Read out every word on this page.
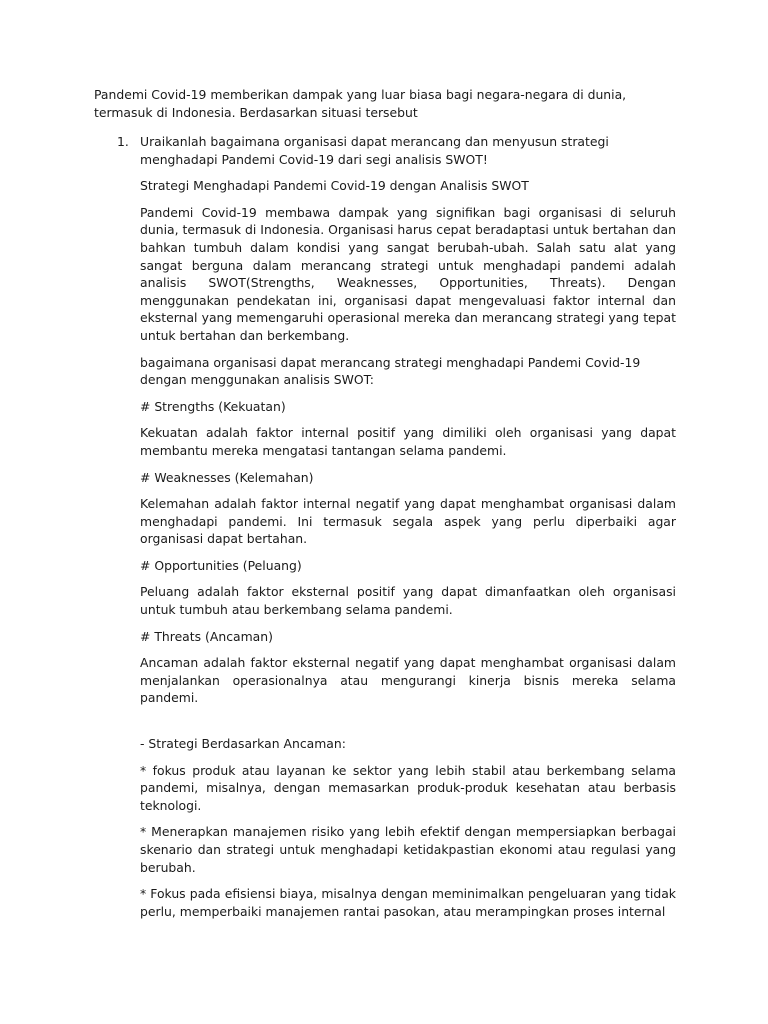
Pandemi Covid-19 memberikan dampak yang luar biasa bagi negara-negara di dunia, termasuk di Indonesia. Berdasarkan situasi tersebut

1. Uraikanlah bagaimana organisasi dapat merancang dan menyusun strategi menghadapi Pandemi Covid-19 dari segi analisis SWOT!

Strategi Menghadapi Pandemi Covid-19 dengan Analisis SWOT

Pandemi Covid-19 membawa dampak yang signifikan bagi organisasi di seluruh dunia, termasuk di Indonesia. Organisasi harus cepat beradaptasi untuk bertahan dan bahkan tumbuh dalam kondisi yang sangat berubah-ubah. Salah satu alat yang sangat berguna dalam merancang strategi untuk menghadapi pandemi adalah analisis SWOT(Strengths, Weaknesses, Opportunities, Threats). Dengan menggunakan pendekatan ini, organisasi dapat mengevaluasi faktor internal dan eksternal yang memengaruhi operasional mereka dan merancang strategi yang tepat untuk bertahan dan berkembang.

bagaimana organisasi dapat merancang strategi menghadapi Pandemi Covid-19 dengan menggunakan analisis SWOT:

# Strengths (Kekuatan)

Kekuatan adalah faktor internal positif yang dimiliki oleh organisasi yang dapat membantu mereka mengatasi tantangan selama pandemi.

# Weaknesses (Kelemahan)

Kelemahan adalah faktor internal negatif yang dapat menghambat organisasi dalam menghadapi pandemi. Ini termasuk segala aspek yang perlu diperbaiki agar organisasi dapat bertahan.

# Opportunities (Peluang)

Peluang adalah faktor eksternal positif yang dapat dimanfaatkan oleh organisasi untuk tumbuh atau berkembang selama pandemi.

# Threats (Ancaman)

Ancaman adalah faktor eksternal negatif yang dapat menghambat organisasi dalam menjalankan operasionalnya atau mengurangi kinerja bisnis mereka selama pandemi.

- Strategi Berdasarkan Ancaman:

* fokus produk atau layanan ke sektor yang lebih stabil atau berkembang selama pandemi, misalnya, dengan memasarkan produk-produk kesehatan atau berbasis teknologi.

* Menerapkan manajemen risiko yang lebih efektif dengan mempersiapkan berbagai skenario dan strategi untuk menghadapi ketidakpastian ekonomi atau regulasi yang berubah.

* Fokus pada efisiensi biaya, misalnya dengan meminimalkan pengeluaran yang tidak perlu, memperbaiki manajemen rantai pasokan, atau merampingkan proses internal
